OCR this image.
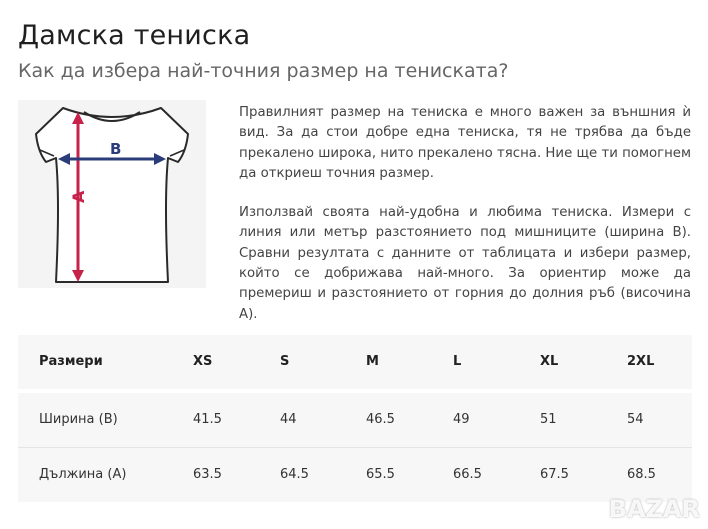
Дамска тениска
Как да избера най-точния размер на тениската?
A
B

Правилният размер на тениска е много важен за външния ѝ вид. За да стои добре една тениска, тя не трябва да бъде прекалено широка, нито прекалено тясна. Ние ще ти помогнем да откриеш точния размер.

Използвай своята най-удобна и любима тениска. Измери с линия или метър разстоянието под мишниците (ширина В). Сравни резултата с данните от таблицата и избери размер, който се добрижава най-много. За ориентир може да премериш и разстоянието от горния до долния ръб (височина А).

Размери	XS	S	M	L	XL	2XL
Ширина (В)	41.5	44	46.5	49	51	54
Дължина (А)	63.5	64.5	65.5	66.5	67.5	68.5
BAZAR
